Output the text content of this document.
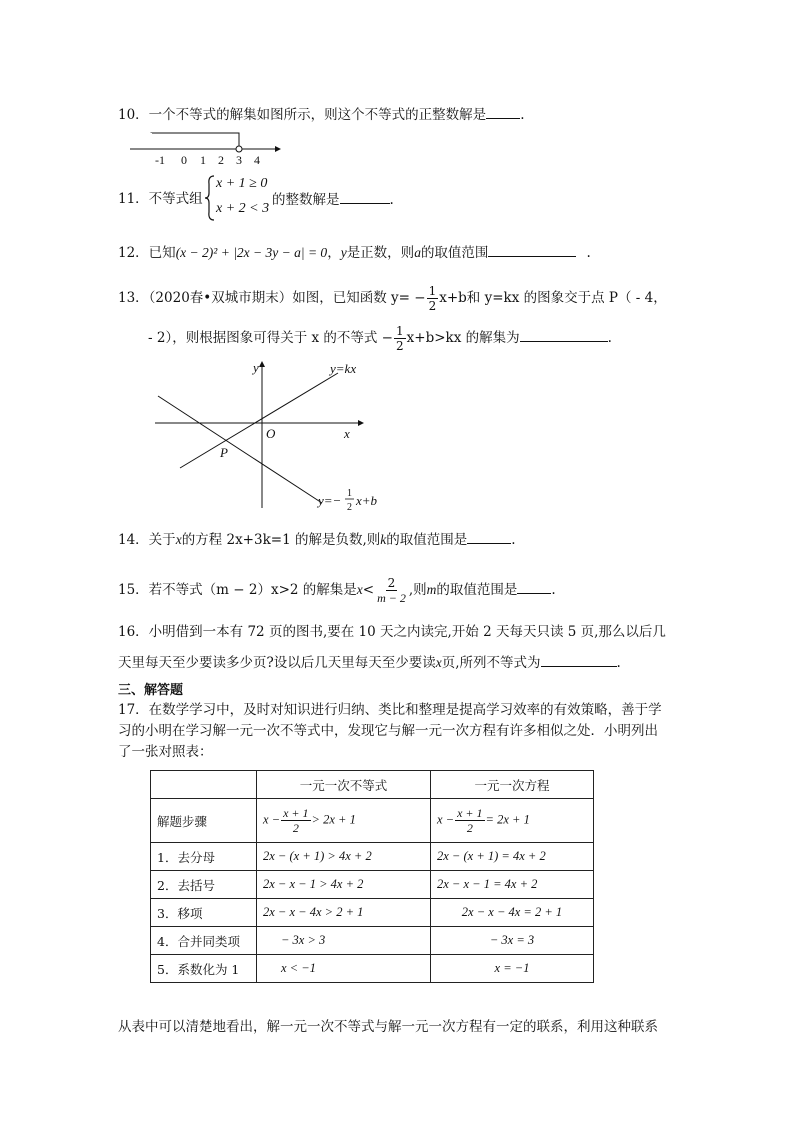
10．一个不等式的解集如图所示，则这个不等式的正整数解是	.
-1 0 1 2 3 4
11．不等式组
x + 1 ≥ 0
x + 2 < 3
的整数解是	.
12．已知(x − 2)² + |2x − 3y − a| = 0，y是正数，则a的取值范围	.
13．（2020春•双城市期末）如图，已知函数 $y= - \frac{1}{2} x+b$和 y=kx 的图象交于点 P（ - 4，
- 2），则根据图象可得关于 x 的不等式 − $\frac{1}{2} x+b>kx$ 的解集为	.
y
x
O
P
y=kx
y=− 1
2 x+b
14．关于x的方程 2x+3k=1 的解是负数,则k的取值范围是	.
15．若不等式（m − 2）x>2 的解集是$x< \frac{2}{m - 2}$ ,则m的取值范围是	.
16．小明借到一本有 72 页的图书,要在 10 天之内读完,开始 2 天每天只读 5 页,那么以后几
天里每天至少要读多少页?设以后几天里每天至少要读x页,所列不等式为	.
三、解答题
17．在数学学习中，及时对知识进行归纳、类比和整理是提高学习效率的有效策略，善于学
习的小明在学习解一元一次不等式中，发现它与解一元一次方程有许多相似之处．小明列出
了一张对照表：
	一元一次不等式	一元一次方程
解题步骤	$x - \frac{x + 1}{2} > 2x + 1$	$x - \frac{x + 1}{2} = 2x + 1$
1．去分母	2x − (x + 1) > 4x + 2	2x − (x + 1) = 4x + 2
2．去括号	2x − x − 1 > 4x + 2	2x − x − 1 = 4x + 2
3．移项	2x − x − 4x > 2 + 1	2x − x − 4x = 2 + 1
4．合并同类项	− 3x > 3	− 3x = 3
5．系数化为 1	x < −1	x = −1
从表中可以清楚地看出，解一元一次不等式与解一元一次方程有一定的联系，利用这种联系
